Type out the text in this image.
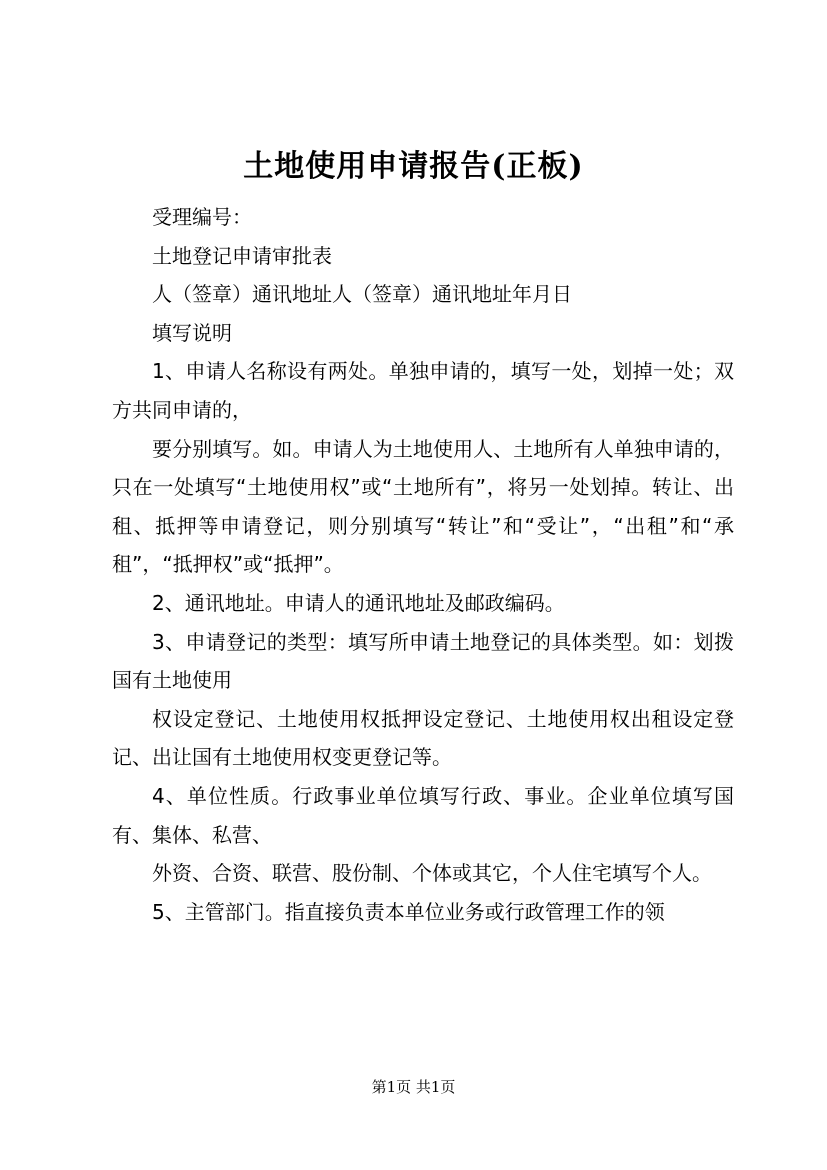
土地使用申请报告(正板)

受理编号：

土地登记申请审批表

人（签章）通讯地址人（签章）通讯地址年月日

填写说明

1、申请人名称设有两处。单独申请的，填写一处，划掉一处；双方共同申请的，

要分别填写。如。申请人为土地使用人、土地所有人单独申请的，只在一处填写“土地使用权”或“土地所有”，将另一处划掉。转让、出租、抵押等申请登记，则分别填写“转让”和“受让”，“出租”和“承租”，“抵押权”或“抵押”。

2、通讯地址。申请人的通讯地址及邮政编码。

3、申请登记的类型：填写所申请土地登记的具体类型。如：划拨国有土地使用

权设定登记、土地使用权抵押设定登记、土地使用权出租设定登记、出让国有土地使用权变更登记等。

4、单位性质。行政事业单位填写行政、事业。企业单位填写国有、集体、私营、

外资、合资、联营、股份制、个体或其它，个人住宅填写个人。

5、主管部门。指直接负责本单位业务或行政管理工作的领

第1页 共1页
